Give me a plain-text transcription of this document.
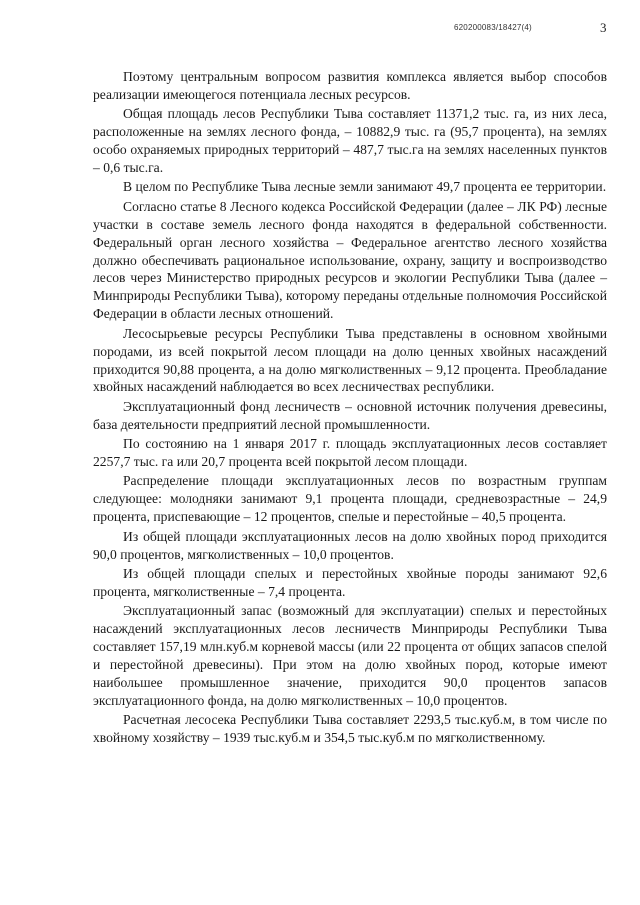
620200083/18427(4)	3

Поэтому центральным вопросом развития комплекса является выбор способов реализации имеющегося потенциала лесных ресурсов.

Общая площадь лесов Республики Тыва составляет 11371,2 тыс. га, из них леса, расположенные на землях лесного фонда, – 10882,9 тыс. га (95,7 процента), на землях особо охраняемых природных территорий – 487,7 тыс.га на землях населенных пунктов – 0,6 тыс.га.

В целом по Республике Тыва лесные земли занимают 49,7 процента ее территории.

Согласно статье 8 Лесного кодекса Российской Федерации (далее – ЛК РФ) лесные участки в составе земель лесного фонда находятся в федеральной собственности. Федеральный орган лесного хозяйства – Федеральное агентство лесного хозяйства должно обеспечивать рациональное использование, охрану, защиту и воспроизводство лесов через Министерство природных ресурсов и экологии Республики Тыва (далее – Минприроды Республики Тыва), которому переданы отдельные полномочия Российской Федерации в области лесных отношений.

Лесосырьевые ресурсы Республики Тыва представлены в основном хвойными породами, из всей покрытой лесом площади на долю ценных хвойных насаждений приходится 90,88 процента, а на долю мягколиственных – 9,12 процента. Преобладание хвойных насаждений наблюдается во всех лесничествах республики.

Эксплуатационный фонд лесничеств – основной источник получения древесины, база деятельности предприятий лесной промышленности.

По состоянию на 1 января 2017 г. площадь эксплуатационных лесов составляет 2257,7 тыс. га или 20,7 процента всей покрытой лесом площади.

Распределение площади эксплуатационных лесов по возрастным группам следующее: молодняки занимают 9,1 процента площади, средневозрастные – 24,9 процента, приспевающие – 12 процентов, спелые и перестойные – 40,5 процента.

Из общей площади эксплуатационных лесов на долю хвойных пород приходится 90,0 процентов, мягколиственных – 10,0 процентов.

Из общей площади спелых и перестойных хвойные породы занимают 92,6 процента, мягколиственные – 7,4 процента.

Эксплуатационный запас (возможный для эксплуатации) спелых и перестойных насаждений эксплуатационных лесов лесничеств Минприроды Республики Тыва составляет 157,19 млн.куб.м корневой массы (или 22 процента от общих запасов спелой и перестойной древесины). При этом на долю хвойных пород, которые имеют наибольшее промышленное значение, приходится 90,0 процентов запасов эксплуатационного фонда, на долю мягколиственных – 10,0 процентов.

Расчетная лесосека Республики Тыва составляет 2293,5 тыс.куб.м, в том числе по хвойному хозяйству – 1939 тыс.куб.м и 354,5 тыс.куб.м по мягколиственному.
